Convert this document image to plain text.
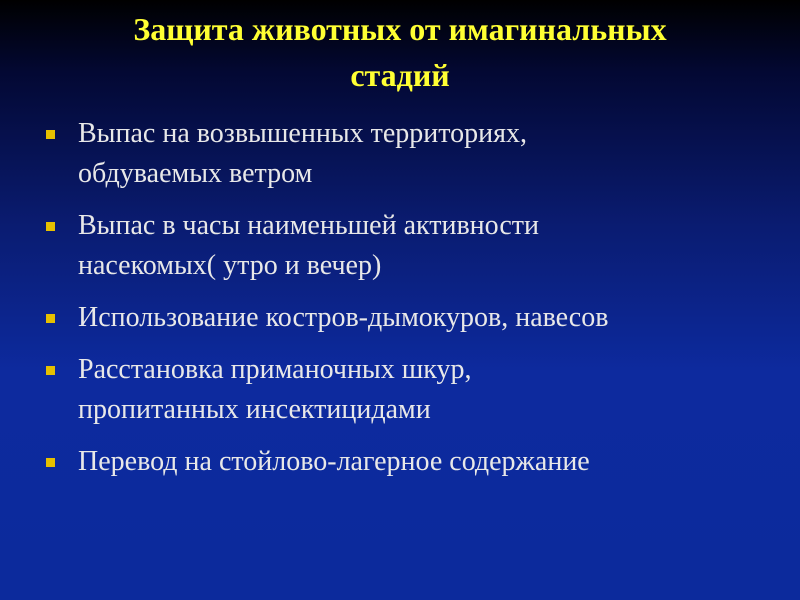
Защита животных от имагинальных
стадий
Выпас на возвышенных территориях,
обдуваемых ветром
Выпас в часы наименьшей активности
насекомых( утро и вечер)
Использование костров-дымокуров, навесов
Расстановка приманочных шкур,
пропитанных инсектицидами
Перевод на стойлово-лагерное содержание
